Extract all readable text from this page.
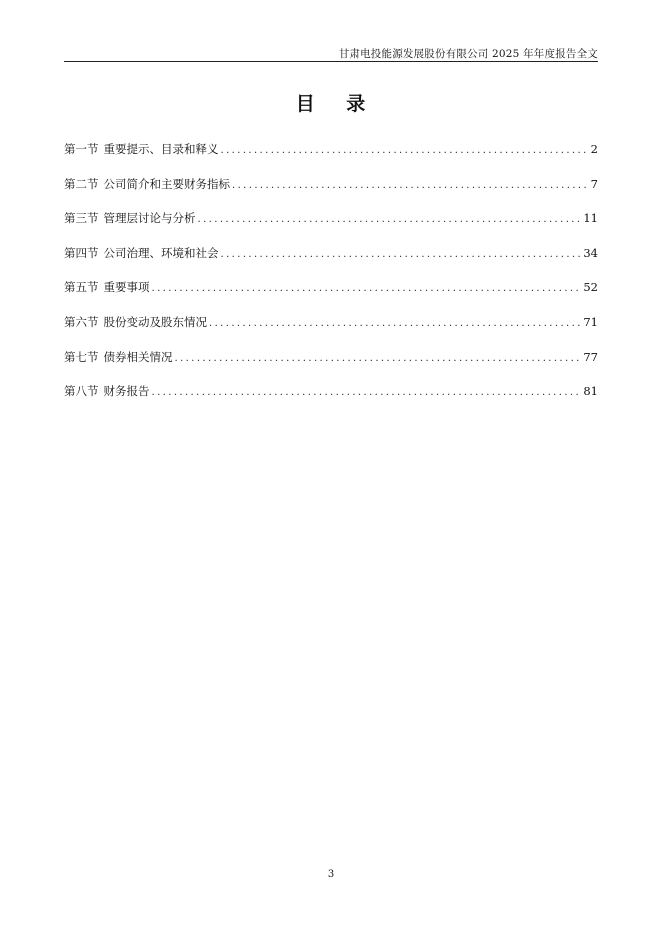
甘肃电投能源发展股份有限公司 2025 年年度报告全文
目    录
第一节 重要提示、目录和释义 .....	2
第二节 公司简介和主要财务指标 .....	7
第三节 管理层讨论与分析 .....	11
第四节 公司治理、环境和社会 .....	34
第五节 重要事项 .....	52
第六节 股份变动及股东情况 .....	71
第七节 债券相关情况 .....	77
第八节 财务报告 .....	81
3
